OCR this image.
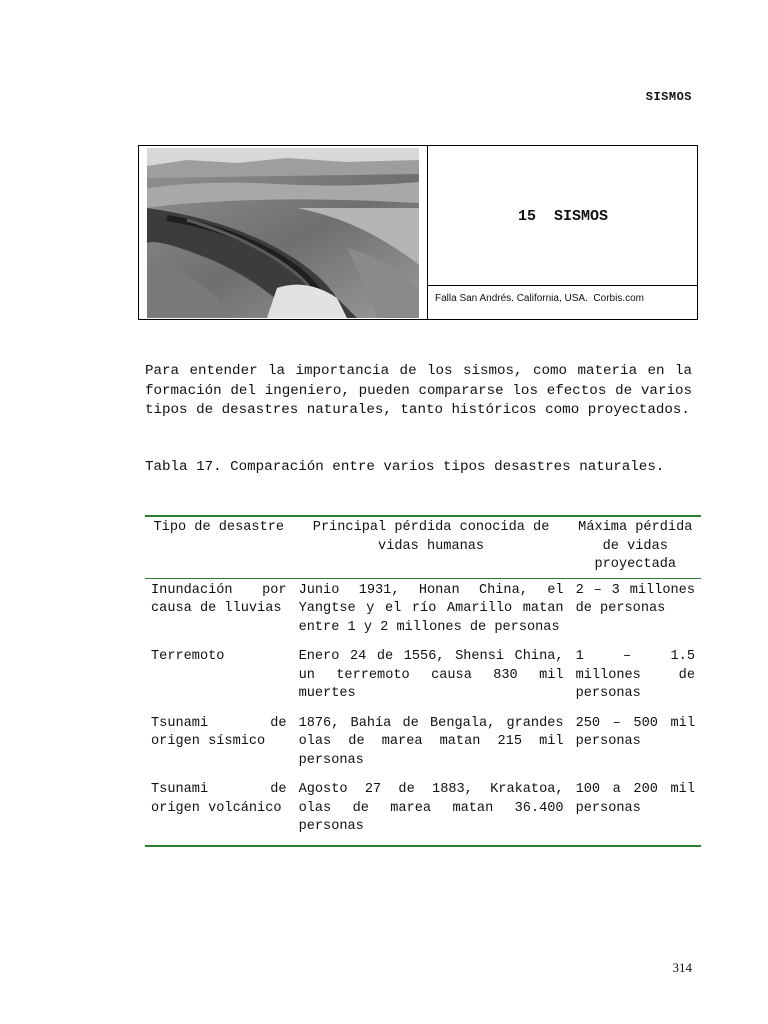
SISMOS
15  SISMOS
Falla San Andrés. California, USA.  Corbis.com

Para entender la importancia de los sismos, como materia en la formación del ingeniero, pueden compararse los efectos de varios tipos de desastres naturales, tanto históricos como proyectados.

Tabla 17. Comparación entre varios tipos desastres naturales.

Tipo de desastre	Principal pérdida conocida de vidas humanas	Máxima pérdida de vidas proyectada
Inundación por causa de lluvias	Junio 1931, Honan China, el Yangtse y el río Amarillo matan entre 1 y 2 millones de personas	2 – 3 millones de personas
Terremoto	Enero 24 de 1556, Shensi China, un terremoto causa 830 mil muertes	1 – 1.5 millones de personas
Tsunami de origen sísmico	1876, Bahía de Bengala, grandes olas de marea matan 215 mil personas	250 – 500 mil personas
Tsunami de origen volcánico	Agosto 27 de 1883, Krakatoa, olas de marea matan 36.400 personas	100 a 200 mil personas
314
